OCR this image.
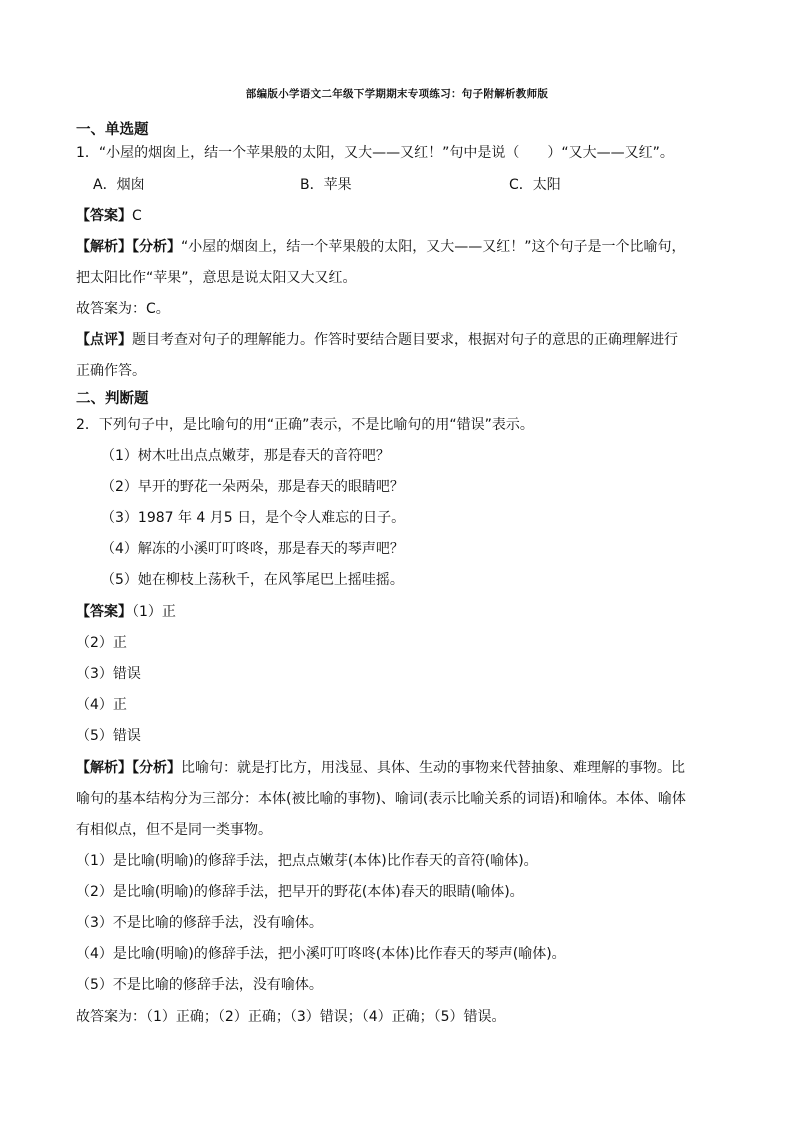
部编版小学语文二年级下学期期末专项练习：句子附解析教师版
一、单选题
1．“小屋的烟囱上，结一个苹果般的太阳，又大——又红！”句中是说（　　）“又大——又红”。
A．烟囱	B．苹果	C．太阳
【答案】C
【解析】【分析】“小屋的烟囱上，结一个苹果般的太阳，又大——又红！”这个句子是一个比喻句，
把太阳比作“苹果”，意思是说太阳又大又红。
故答案为：C。
【点评】题目考查对句子的理解能力。作答时要结合题目要求，根据对句子的意思的正确理解进行
正确作答。
二、判断题
2．下列句子中，是比喻句的用“正确”表示，不是比喻句的用“错误”表示。
（1）树木吐出点点嫩芽，那是春天的音符吧？
（2）早开的野花一朵两朵，那是春天的眼睛吧？
（3）1987 年 4 月5 日，是个令人难忘的日子。
（4）解冻的小溪叮叮咚咚，那是春天的琴声吧？
（5）她在柳枝上荡秋千，在风筝尾巴上摇哇摇。
【答案】（1）正
（2）正
（3）错误
（4）正
（5）错误
【解析】【分析】比喻句：就是打比方，用浅显、具体、生动的事物来代替抽象、难理解的事物。比
喻句的基本结构分为三部分：本体(被比喻的事物)、喻词(表示比喻关系的词语)和喻体。本体、喻体
有相似点，但不是同一类事物。
（1）是比喻(明喻)的修辞手法，把点点嫩芽(本体)比作春天的音符(喻体)。
（2）是比喻(明喻)的修辞手法，把早开的野花(本体)春天的眼睛(喻体)。
（3）不是比喻的修辞手法，没有喻体。
（4）是比喻(明喻)的修辞手法，把小溪叮叮咚咚(本体)比作春天的琴声(喻体)。
（5）不是比喻的修辞手法，没有喻体。
故答案为：（1）正确；（2）正确；（3）错误；（4）正确；（5）错误。
